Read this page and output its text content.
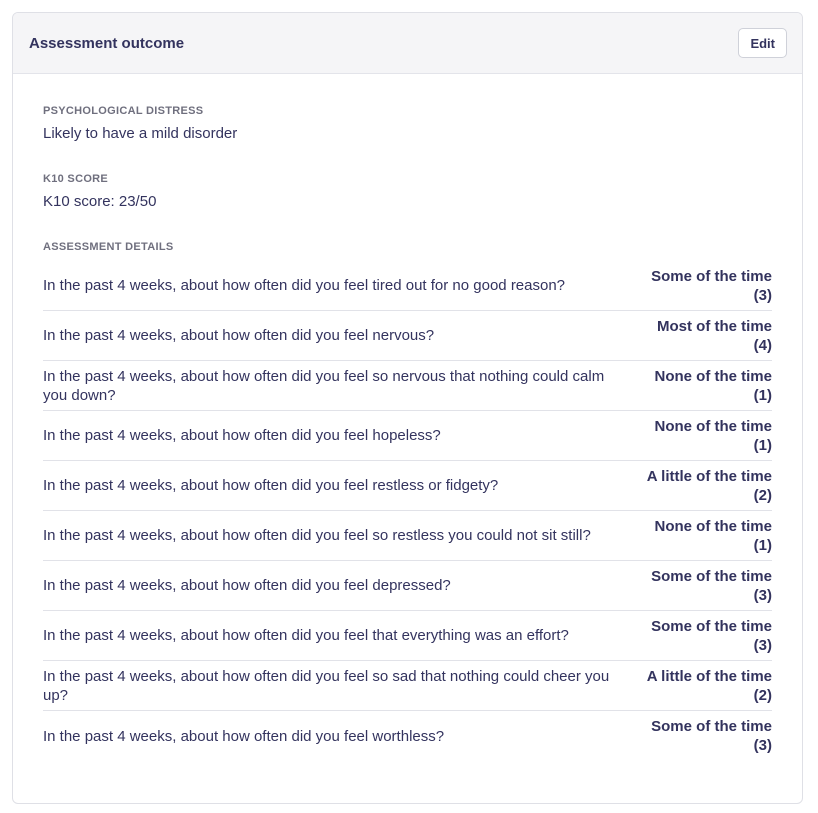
Assessment outcome	Edit
PSYCHOLOGICAL DISTRESS
Likely to have a mild disorder
K10 SCORE
K10 score: 23/50
ASSESSMENT DETAILS
In the past 4 weeks, about how often did you feel tired out for no good reason?
Some of the time (3)
In the past 4 weeks, about how often did you feel nervous?
Most of the time (4)
In the past 4 weeks, about how often did you feel so nervous that nothing could calm you down?
None of the time (1)
In the past 4 weeks, about how often did you feel hopeless?
None of the time (1)
In the past 4 weeks, about how often did you feel restless or fidgety?
A little of the time (2)
In the past 4 weeks, about how often did you feel so restless you could not sit still?
None of the time (1)
In the past 4 weeks, about how often did you feel depressed?
Some of the time (3)
In the past 4 weeks, about how often did you feel that everything was an effort?
Some of the time (3)
In the past 4 weeks, about how often did you feel so sad that nothing could cheer you up?
A little of the time (2)
In the past 4 weeks, about how often did you feel worthless?
Some of the time (3)
